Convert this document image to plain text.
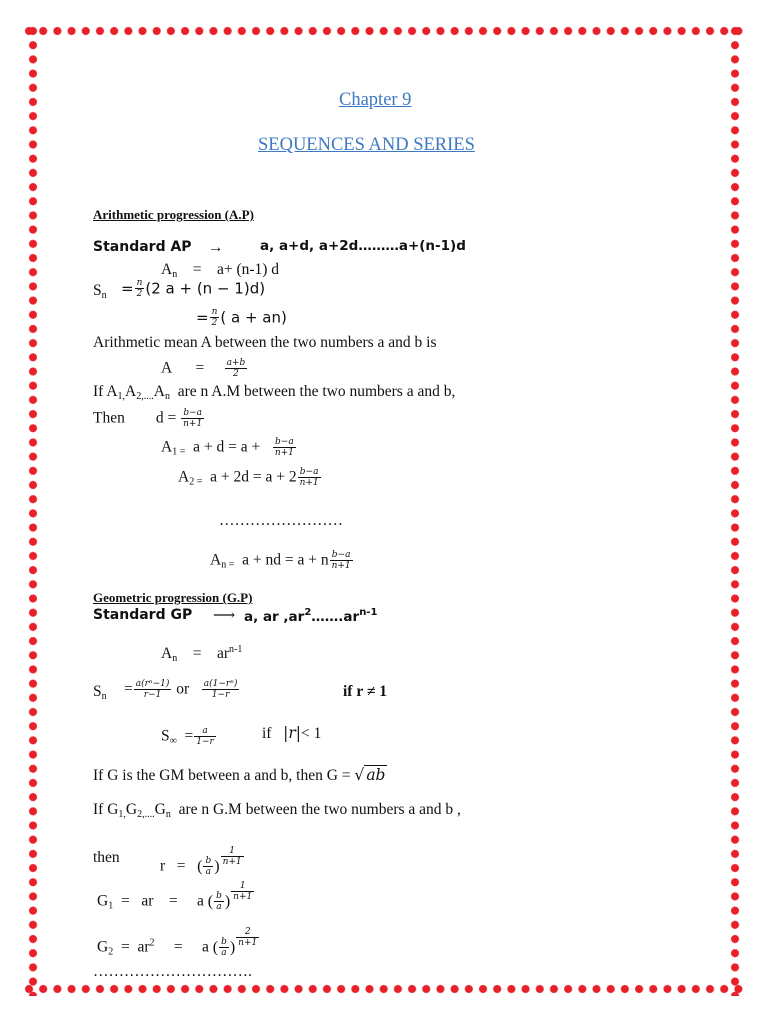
Chapter 9
SEQUENCES AND SERIES
Arithmetic progression (A.P)
Standard AP →	a, a+d, a+2d………a+(n-1)d
$A_n$    =    a+ (n-1) d
$S_n = \frac{n}{2} (2$ a + (n − 1)d)
= $\frac{n}{2}$ ( a + an)
Arithmetic mean A between the two numbers a and b is
A      = $\frac{a+b}{2}$
If $A_{1,}A_{2,....}A_n$ are n A.M between the two numbers a and b,
Then        $d = \frac{b-a}{n+1}$
$A_{1 =}$ $a + d = a + \frac{b-a}{n+1}$
$A_{2 =}$ $a + 2d = a + 2 \frac{b-a}{n+1}$
……………………
$A_{n =}$ a + nd = a + n $\frac{b-a}{n+1}$
Geometric progression (G.P)
Standard GP ⟶ a, ar $,ar^2\dots\dots.ar^{n-1}$
$A_n$    =    $ar^{n-1}$
$S_n = \frac{\text{a(rⁿ−1)}}{r-1}$ or $\frac{\text{a(1−rⁿ)}}{1-r}$	if r ≠ 1
$S_\infty = \frac{a}{1-r}$	if |r|< 1
If G is the GM between a and b, then G = √ ab
If $G_{1,}G_{2,....}G_n$ are n G.M between the two numbers a and b ,
then	r   =   ( $\frac{b}{a}$ ) $\frac{1}{n+1}$
$G_1$  =   ar    =     a ( $\frac{b}{a}$ ) $\frac{1}{n+1}$
$G_2 = ar^2$     =     a ( $\frac{b}{a}$ ) $\frac{2}{n+1}$
………………………….
